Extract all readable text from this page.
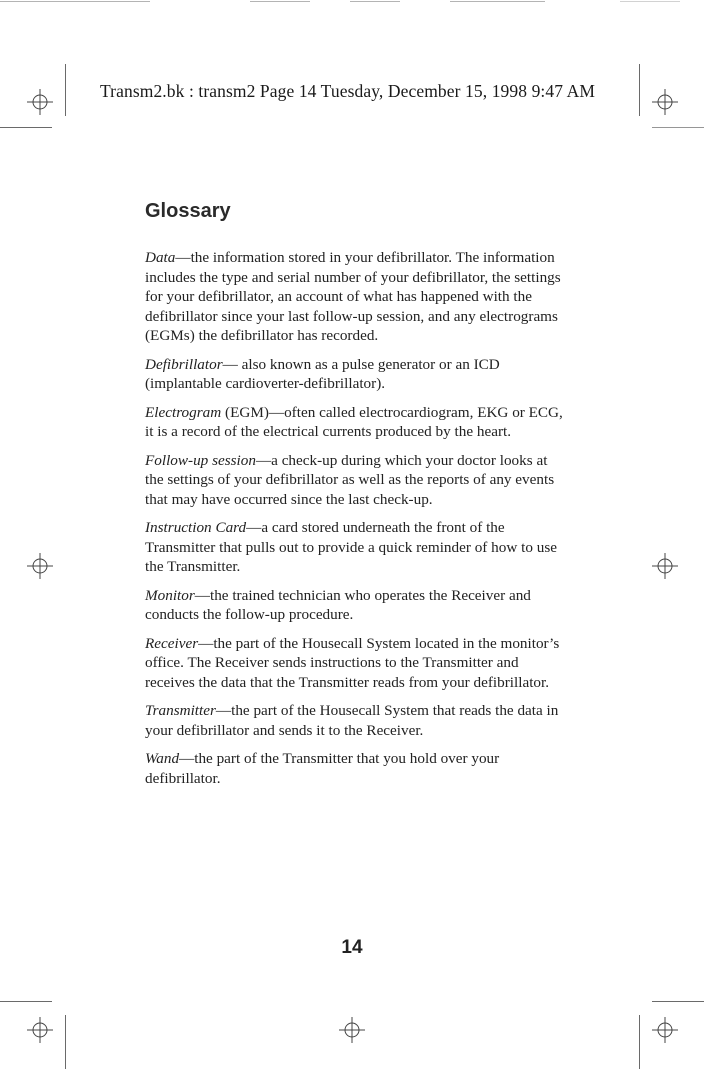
Transm2.bk : transm2 Page 14 Tuesday, December 15, 1998 9:47 AM
Glossary

Data—the information stored in your defibrillator. The information includes the type and serial number of your defibrillator, the settings for your defibrillator, an account of what has happened with the defibrillator since your last follow-up session, and any electrograms (EGMs) the defibrillator has recorded.

Defibrillator— also known as a pulse generator or an ICD (implantable cardioverter-defibrillator).

Electrogram (EGM)—often called electrocardiogram, EKG or ECG, it is a record of the electrical currents produced by the heart.

Follow-up session—a check-up during which your doctor looks at the settings of your defibrillator as well as the reports of any events that may have occurred since the last check-up.

Instruction Card—a card stored underneath the front of the Transmitter that pulls out to provide a quick reminder of how to use the Transmitter.

Monitor—the trained technician who operates the Receiver and conducts the follow-up procedure.

Receiver—the part of the Housecall System located in the monitor’s office. The Receiver sends instructions to the Transmitter and receives the data that the Transmitter reads from your defibrillator.

Transmitter—the part of the Housecall System that reads the data in your defibrillator and sends it to the Receiver.

Wand—the part of the Transmitter that you hold over your defibrillator.

14
